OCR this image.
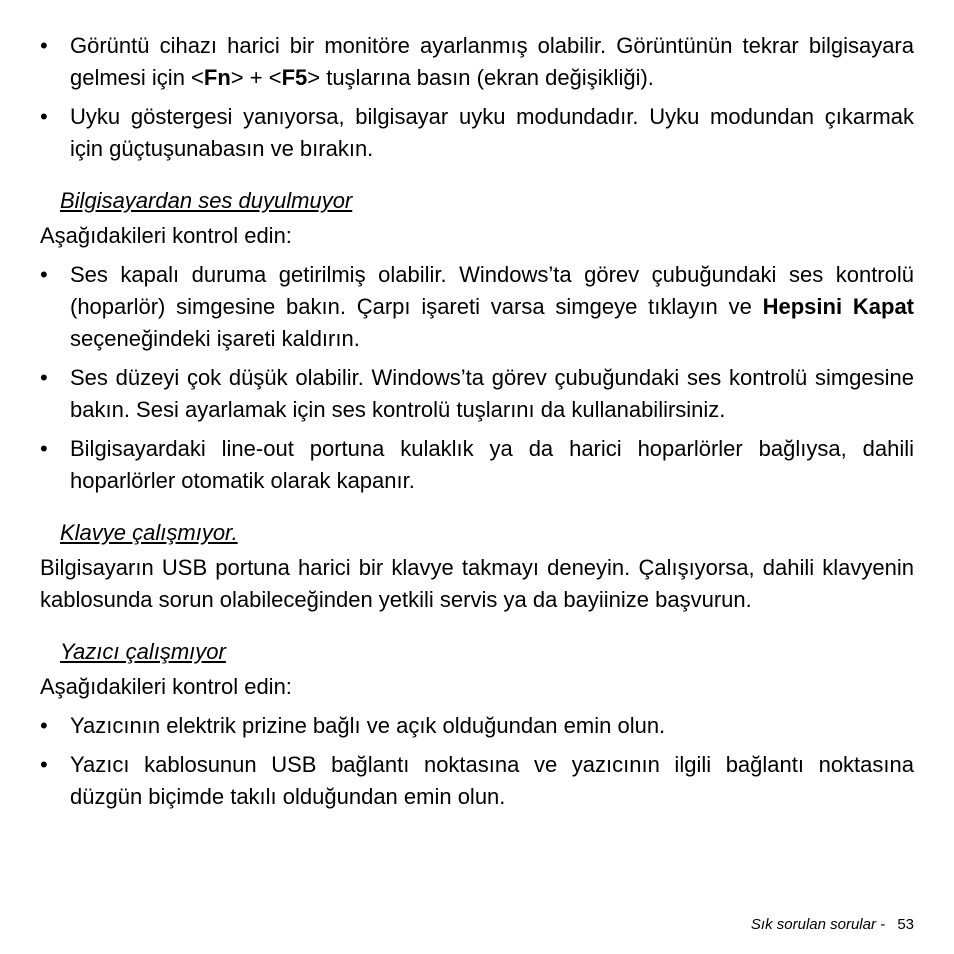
• Görüntü cihazı harici bir monitöre ayarlanmış olabilir. Görüntünün tekrar bilgisayara gelmesi için <Fn> + <F5> tuşlarına basın (ekran değişikliği).
• Uyku göstergesi yanıyorsa, bilgisayar uyku modundadır. Uyku modundan çıkarmak için güçtuşunabasın ve bırakın.
Bilgisayardan ses duyulmuyor
Aşağıdakileri kontrol edin:
• Ses kapalı duruma getirilmiş olabilir. Windows’ta görev çubuğundaki ses kontrolü (hoparlör) simgesine bakın. Çarpı işareti varsa simgeye tıklayın ve Hepsini Kapat seçeneğindeki işareti kaldırın.
• Ses düzeyi çok düşük olabilir. Windows’ta görev çubuğundaki ses kontrolü simgesine bakın. Sesi ayarlamak için ses kontrolü tuşlarını da kullanabilirsiniz.
• Bilgisayardaki line-out portuna kulaklık ya da harici hoparlörler bağlıysa, dahili hoparlörler otomatik olarak kapanır.
Klavye çalışmıyor.
Bilgisayarın USB portuna harici bir klavye takmayı deneyin. Çalışıyorsa, dahili klavyenin kablosunda sorun olabileceğinden yetkili servis ya da bayiinize başvurun.
Yazıcı çalışmıyor
Aşağıdakileri kontrol edin:
• Yazıcının elektrik prizine bağlı ve açık olduğundan emin olun.
• Yazıcı kablosunun USB bağlantı noktasına ve yazıcının ilgili bağlantı noktasına düzgün biçimde takılı olduğundan emin olun.
Sık sorulan sorular - 53
